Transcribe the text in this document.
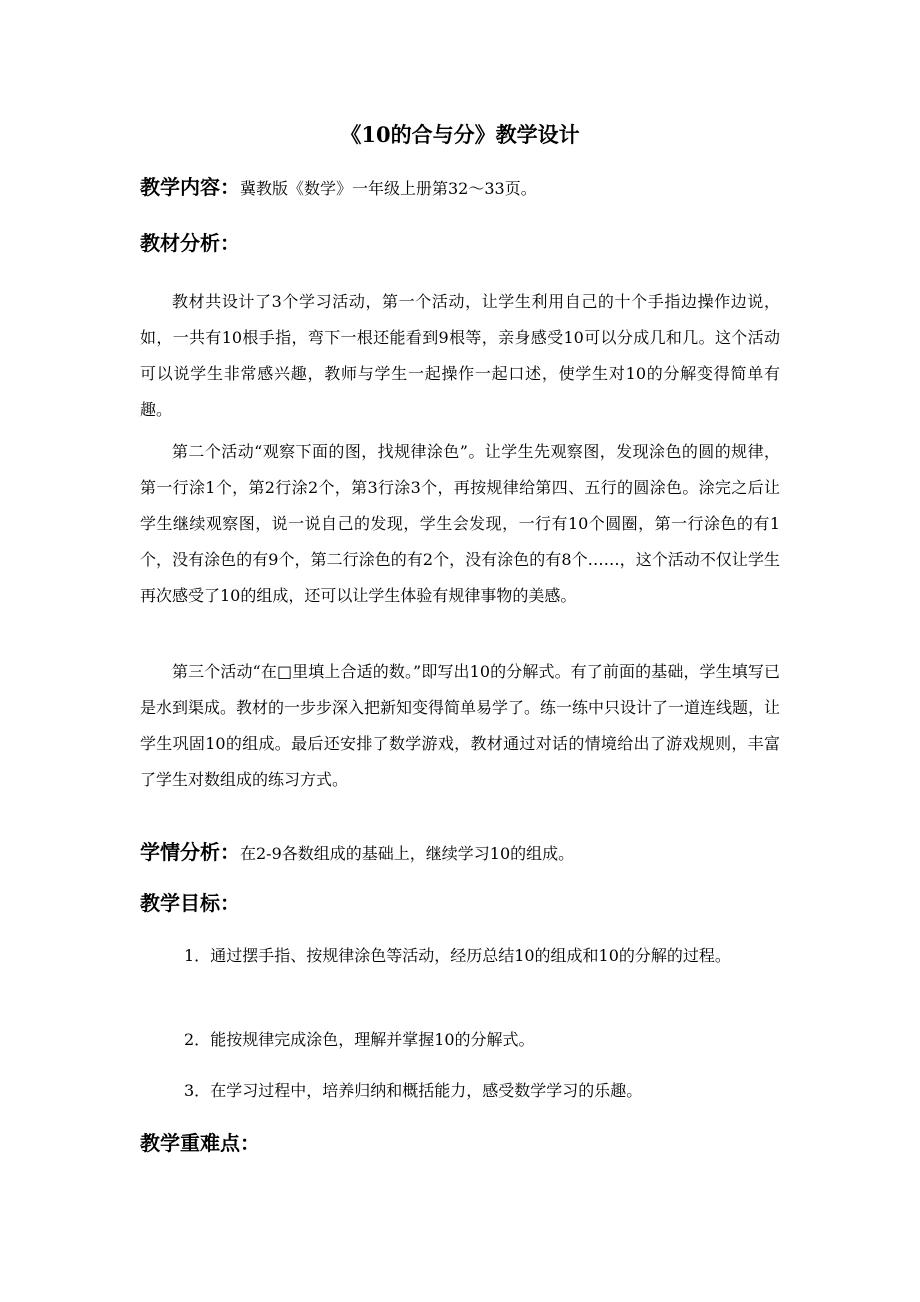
《10的合与分》教学设计

教学内容：冀教版《数学》一年级上册第32～33页。

教材分析：

教材共设计了3个学习活动，第一个活动，让学生利用自己的十个手指边操作边说，如，一共有10根手指，弯下一根还能看到9根等，亲身感受10可以分成几和几。这个活动可以说学生非常感兴趣，教师与学生一起操作一起口述，使学生对10的分解变得简单有趣。

第二个活动“观察下面的图，找规律涂色”。让学生先观察图，发现涂色的圆的规律，第一行涂1个，第2行涂2个，第3行涂3个，再按规律给第四、五行的圆涂色。涂完之后让学生继续观察图，说一说自己的发现，学生会发现，一行有10个圆圈，第一行涂色的有1个，没有涂色的有9个，第二行涂色的有2个，没有涂色的有8个……，这个活动不仅让学生再次感受了10的组成，还可以让学生体验有规律事物的美感。

第三个活动“在□里填上合适的数。”即写出10的分解式。有了前面的基础，学生填写已是水到渠成。教材的一步步深入把新知变得简单易学了。练一练中只设计了一道连线题，让学生巩固10的组成。最后还安排了数学游戏，教材通过对话的情境给出了游戏规则，丰富了学生对数组成的练习方式。

学情分析：在2-9各数组成的基础上，继续学习10的组成。

教学目标：

1．通过摆手指、按规律涂色等活动，经历总结10的组成和10的分解的过程。

2．能按规律完成涂色，理解并掌握10的分解式。

3．在学习过程中，培养归纳和概括能力，感受数学学习的乐趣。

教学重难点：
